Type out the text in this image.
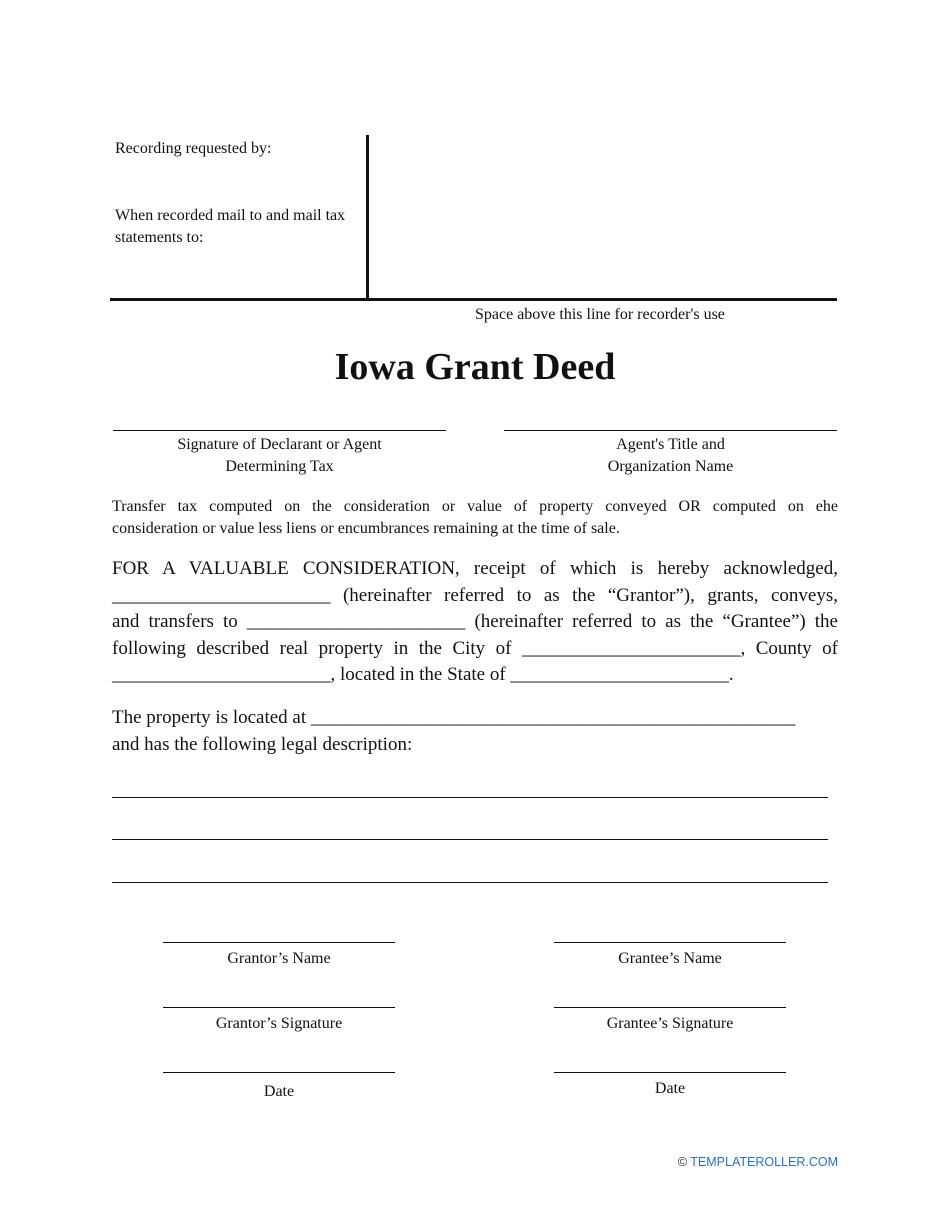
Recording requested by:
When recorded mail to and mail tax statements to:
Space above this line for recorder's use
Iowa Grant Deed
Signature of Declarant or Agent
Determining Tax
Agent's Title and
Organization Name
Transfer tax computed on the consideration or value of property conveyed OR computed on ehe
consideration or value less liens or encumbrances remaining at the time of sale.
FOR A VALUABLE CONSIDERATION, receipt of which is hereby acknowledged,
_______________________ (hereinafter referred to as the “Grantor”), grants, conveys,
and transfers to _______________________ (hereinafter referred to as the “Grantee”) the
following described real property in the City of _______________________, County of
_______________________, located in the State of _______________________.
The property is located at ___________________________________________________
and has the following legal description:
Grantor’s Name	Grantee’s Name
Grantor’s Signature	Grantee’s Signature
Date	Date
© TEMPLATEROLLER.COM
